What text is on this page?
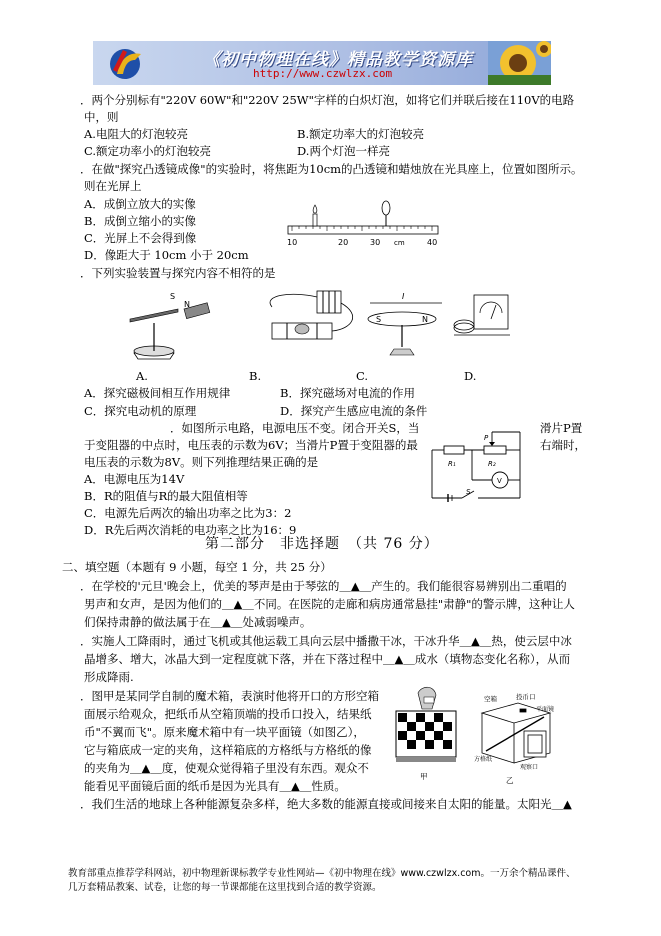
《初中物理在线》精品教学资源库
http://www.czwlzx.com
．两个分别标有"220V 60W"和"220V 25W"字样的白炽灯泡，如将它们并联后接在110V的电路
中，则
A.电阻大的灯泡较亮	B.额定功率大的灯泡较亮
C.额定功率小的灯泡较亮	D.两个灯泡一样亮
．在做"探究凸透镜成像"的实验时，将焦距为10cm的凸透镜和蜡烛放在光具座上，位置如图所示。
则在光屏上
A．成倒立放大的实像
B．成倒立缩小的实像
C．光屏上不会得到像
D．像距大于 10cm 小于 20cm
10	20	30 cm	40
．下列实验装置与探究内容不相符的是
S
N
S	N
I
A.	B.	C.	D.
A．探究磁极间相互作用规律	B．探究磁场对电流的作用
C．探究电动机的原理	D．探究产生感应电流的条件
．如图所示电路，电源电压不变。闭合开关S，当	滑片P置
于变阻器的中点时，电压表的示数为6V；当滑片P置于变阻器的最	右端时，
电压表的示数为8V。则下列推理结果正确的是
A．电源电压为14V
B．R的阻值与R的最大阻值相等
C．电源先后两次的输出功率之比为3：2
D．R先后两次消耗的电功率之比为16：9
R₁	R₂
P
V
S
第二部分　非选择题　（共 76 分）
二、填空题（本题有 9 小题，每空 1 分，共 25 分）
．在学校的'元旦'晚会上，优美的琴声是由于琴弦的＿▲＿产生的。我们能很容易辨别出二重唱的
男声和女声，是因为他们的＿▲＿不同。在医院的走廊和病房通常悬挂"肃静"的警示牌，这种让人
们保持肃静的做法属于在＿▲＿处减弱噪声。
．实施人工降雨时，通过飞机或其他运载工具向云层中播撒干冰，干冰升华＿▲＿热，使云层中冰
晶增多、增大，冰晶大到一定程度就下落，并在下落过程中＿▲＿成水（填物态变化名称），从而
形成降雨.
．图甲是某同学自制的魔术箱，表演时他将开口的方形空箱
面展示给观众，把纸币从空箱顶端的投币口投入，结果纸
币"不翼而飞"。原来魔术箱中有一块平面镜（如图乙），
它与箱底成一定的夹角，这样箱底的方格纸与方格纸的像
的夹角为＿▲＿度，使观众觉得箱子里没有东西。观众不
能看见平面镜后面的纸币是因为光具有＿▲＿性质。
空箱	投币口
平面镜
方格纸
观察口
甲	乙
．我们生活的地球上各种能源复杂多样，绝大多数的能源直接或间接来自太阳的能量。太阳光＿▲
教育部重点推荐学科网站，初中物理新课标教学专业性网站—《初中物理在线》www.czwlzx.com。一万余个精品课件、
几万套精品教案、试卷，让您的每一节课都能在这里找到合适的教学资源。
